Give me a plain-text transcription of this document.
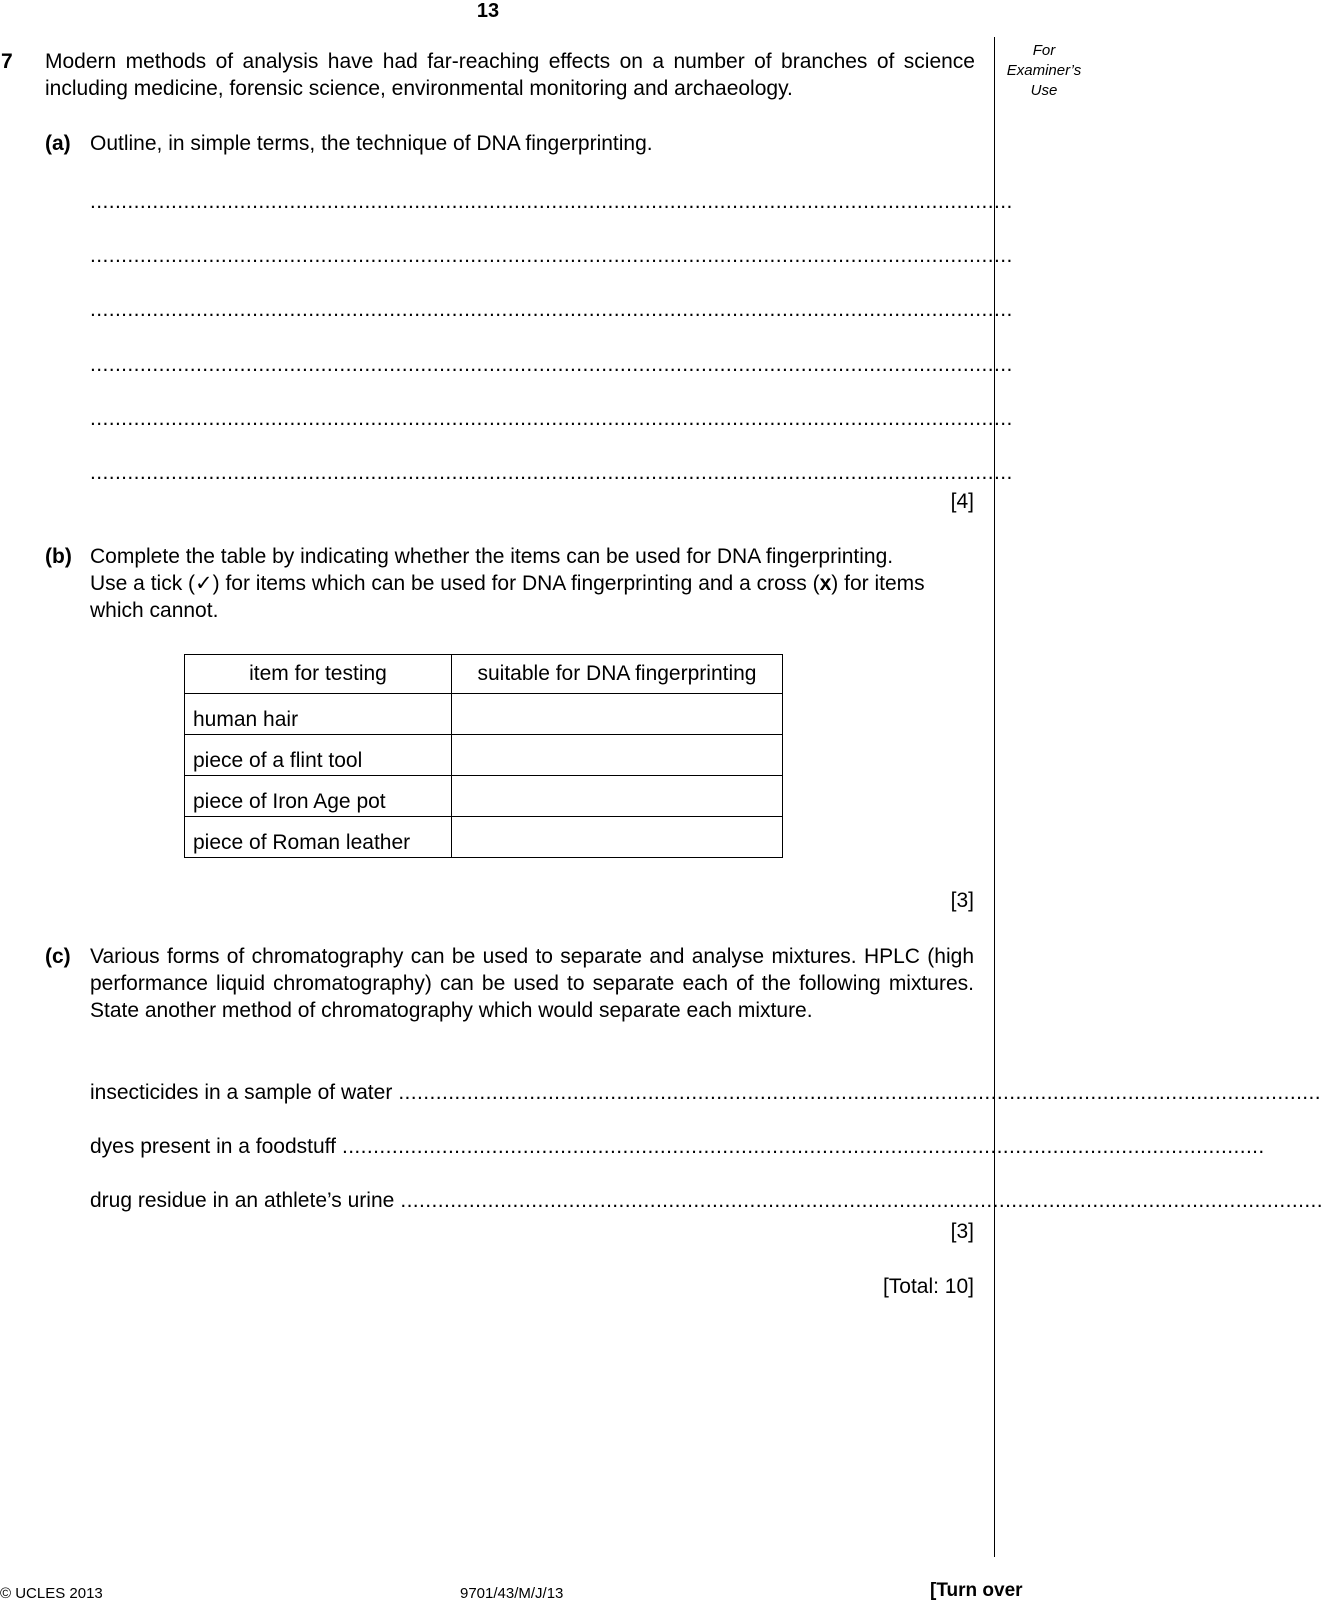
13
For
Examiner’s
Use
7 Modern methods of analysis have had far-reaching effects on a number of branches of science including medicine, forensic science, environmental monitoring and archaeology.
(a) Outline, in simple terms, the technique of DNA fingerprinting.
....................................................................................................................................................
....................................................................................................................................................
....................................................................................................................................................
....................................................................................................................................................
....................................................................................................................................................
....................................................................................................................................................
[4]
(b) Complete the table by indicating whether the items can be used for DNA fingerprinting.
Use a tick (✓) for items which can be used for DNA fingerprinting and a cross (x) for items
which cannot.
item for testing	suitable for DNA fingerprinting
human hair	
piece of a flint tool	
piece of Iron Age pot	
piece of Roman leather	
[3]
(c) Various forms of chromatography can be used to separate and analyse mixtures. HPLC (high performance liquid chromatography) can be used to separate each of the following mixtures. State another method of chromatography which would separate each mixture.
insecticides in a sample of water ....................................................................................................................................................
dyes present in a foodstuff ....................................................................................................................................................
drug residue in an athlete’s urine ....................................................................................................................................................
[3]
[Total: 10]
© UCLES 2013	9701/43/M/J/13	[Turn over
